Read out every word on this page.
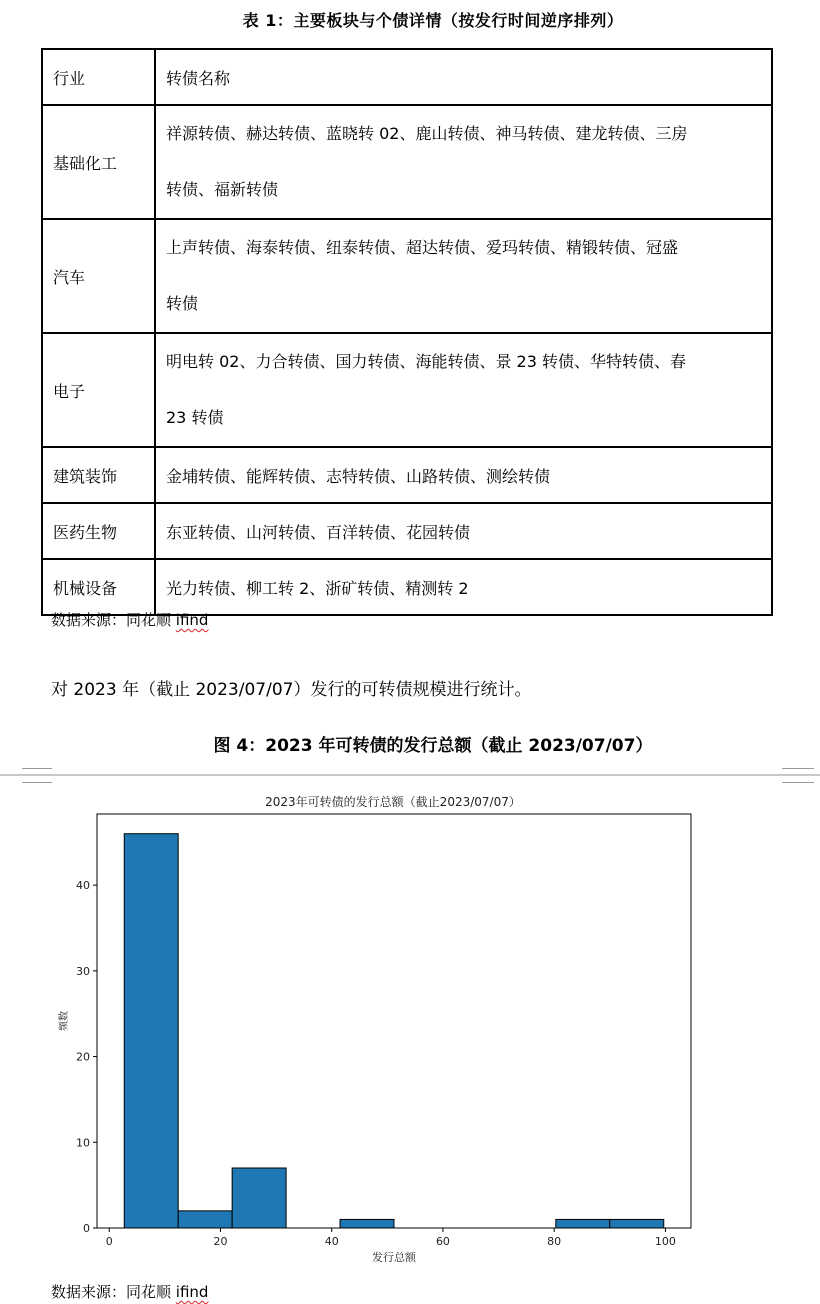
表 1：主要板块与个债详情（按发行时间逆序排列）
行业	转债名称
基础化工	祥源转债、赫达转债、蓝晓转 02、鹿山转债、神马转债、建龙转债、三房
转债、福新转债
汽车	上声转债、海泰转债、纽泰转债、超达转债、爱玛转债、精锻转债、冠盛
转债
电子	明电转 02、力合转债、国力转债、海能转债、景 23 转债、华特转债、春
23 转债
建筑装饰	金埔转债、能辉转债、志特转债、山路转债、测绘转债
医药生物	东亚转债、山河转债、百洋转债、花园转债
机械设备	光力转债、柳工转 2、浙矿转债、精测转 2
数据来源：同花顺 ifind
对 2023 年（截止 2023/07/07）发行的可转债规模进行统计。
图 4：2023 年可转债的发行总额（截止 2023/07/07）
2023年可转债的发行总额（截止2023/07/07）
0	20	40	60	80	100
0
10
20
30
40
发行总额
频数
数据来源：同花顺 ifind
